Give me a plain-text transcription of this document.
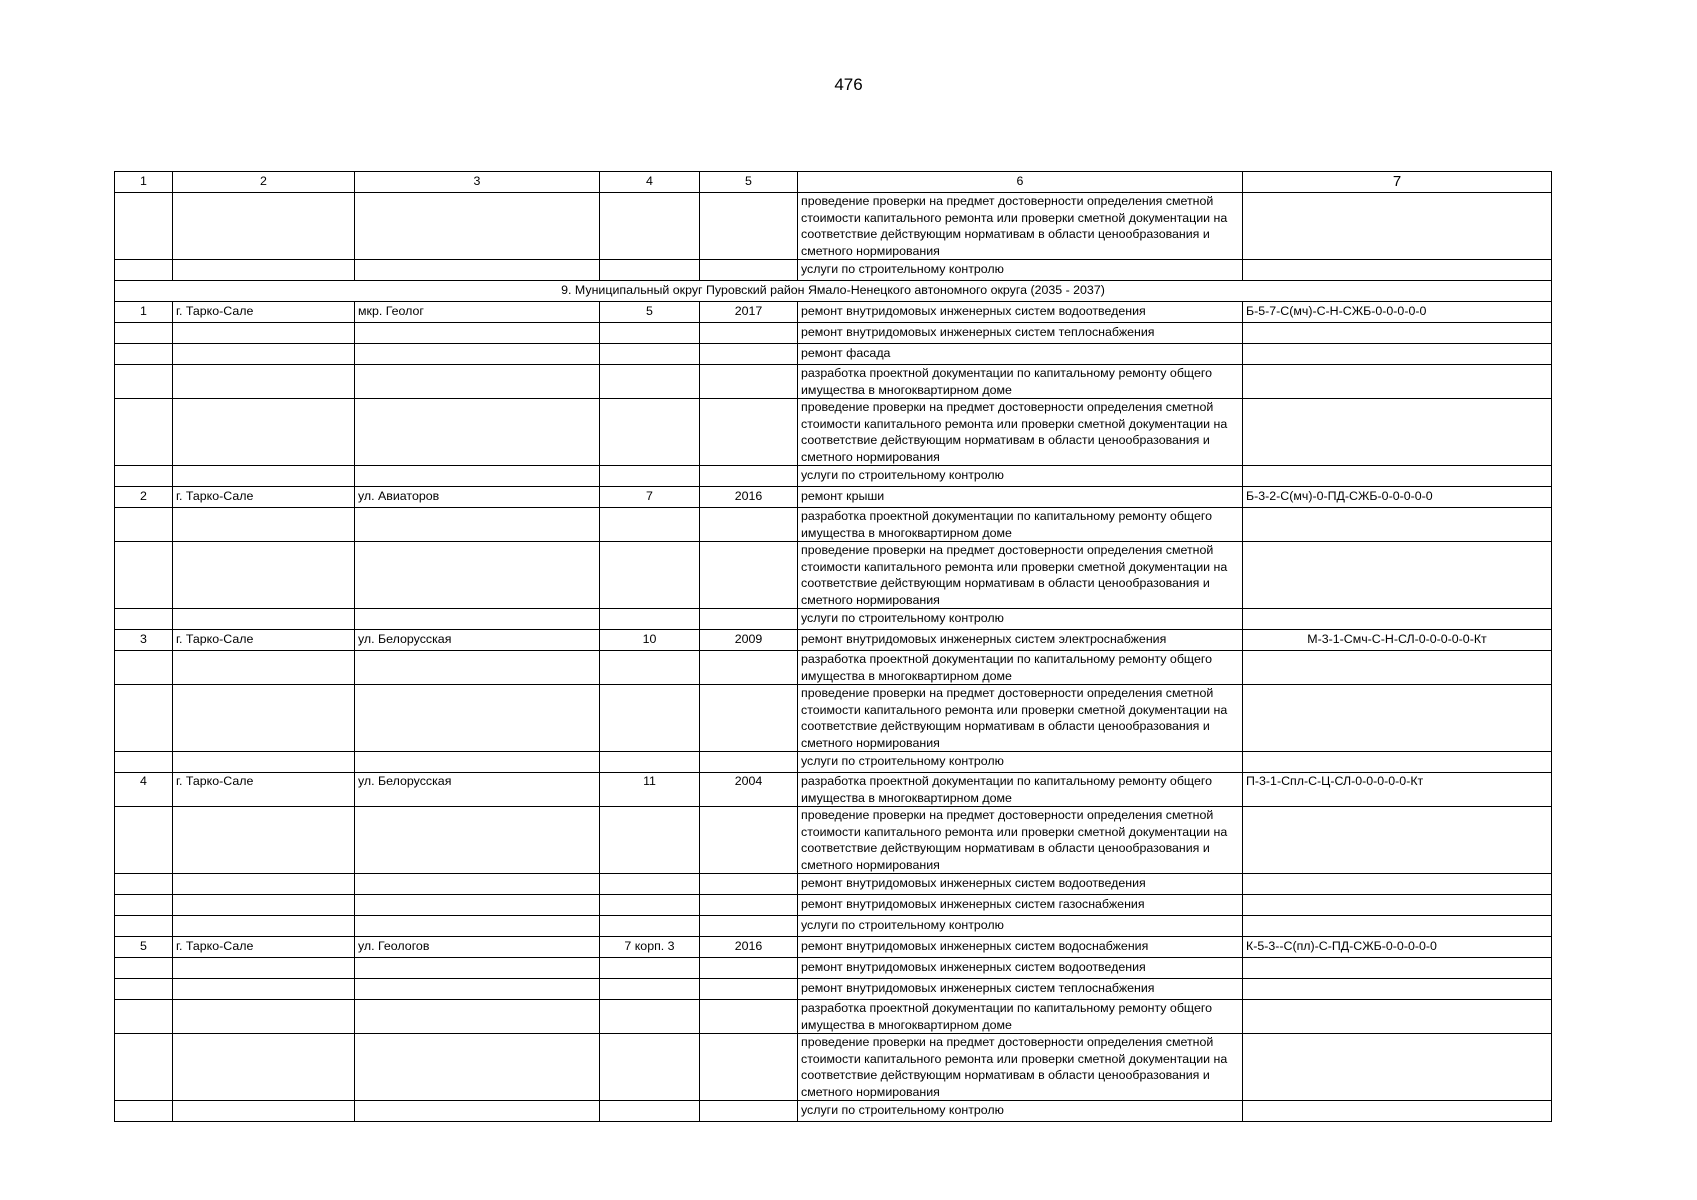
476
1	2	3	4	5	6	7
					проведение проверки на предмет достоверности определения сметной стоимости капитального ремонта или проверки сметной документации на соответствие действующим нормативам в области ценообразования и сметного нормирования	
					услуги по строительному контролю	
9. Муниципальный округ Пуровский район Ямало-Ненецкого автономного округа (2035 - 2037)						
1	г. Тарко-Сале	мкр. Геолог	5	2017	ремонт внутридомовых инженерных систем водоотведения	Б-5-7-С(мч)-С-Н-СЖБ-0-0-0-0-0
					ремонт внутридомовых инженерных систем теплоснабжения	
					ремонт фасада	
					разработка проектной документации по капитальному ремонту общего имущества в многоквартирном доме	
					проведение проверки на предмет достоверности определения сметной стоимости капитального ремонта или проверки сметной документации на соответствие действующим нормативам в области ценообразования и сметного нормирования	
					услуги по строительному контролю	
2	г. Тарко-Сале	ул. Авиаторов	7	2016	ремонт крыши	Б-3-2-С(мч)-0-ПД-СЖБ-0-0-0-0-0
					разработка проектной документации по капитальному ремонту общего имущества в многоквартирном доме	
					проведение проверки на предмет достоверности определения сметной стоимости капитального ремонта или проверки сметной документации на соответствие действующим нормативам в области ценообразования и сметного нормирования	
					услуги по строительному контролю	
3	г. Тарко-Сале	ул. Белорусская	10	2009	ремонт внутридомовых инженерных систем электроснабжения	М-3-1-Смч-С-Н-СЛ-0-0-0-0-0-Кт
					разработка проектной документации по капитальному ремонту общего имущества в многоквартирном доме	
					проведение проверки на предмет достоверности определения сметной стоимости капитального ремонта или проверки сметной документации на соответствие действующим нормативам в области ценообразования и сметного нормирования	
					услуги по строительному контролю	
4	г. Тарко-Сале	ул. Белорусская	11	2004	разработка проектной документации по капитальному ремонту общего имущества в многоквартирном доме	П-3-1-Спл-С-Ц-СЛ-0-0-0-0-0-Кт
					проведение проверки на предмет достоверности определения сметной стоимости капитального ремонта или проверки сметной документации на соответствие действующим нормативам в области ценообразования и сметного нормирования	
					ремонт внутридомовых инженерных систем водоотведения	
					ремонт внутридомовых инженерных систем газоснабжения	
					услуги по строительному контролю	
5	г. Тарко-Сале	ул. Геологов	7 корп. 3	2016	ремонт внутридомовых инженерных систем водоснабжения	К-5-3--С(пл)-С-ПД-СЖБ-0-0-0-0-0
					ремонт внутридомовых инженерных систем водоотведения	
					ремонт внутридомовых инженерных систем теплоснабжения	
					разработка проектной документации по капитальному ремонту общего имущества в многоквартирном доме	
					проведение проверки на предмет достоверности определения сметной стоимости капитального ремонта или проверки сметной документации на соответствие действующим нормативам в области ценообразования и сметного нормирования	
					услуги по строительному контролю	
